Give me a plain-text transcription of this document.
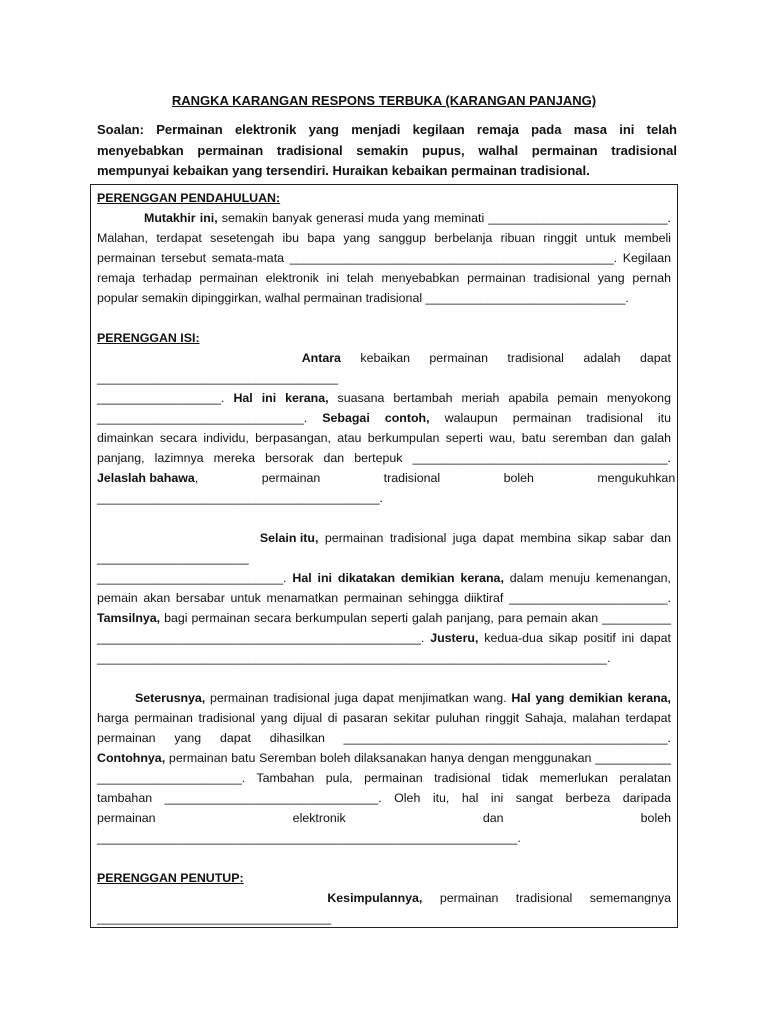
RANGKA KARANGAN RESPONS TERBUKA (KARANGAN PANJANG)
Soalan: Permainan elektronik yang menjadi kegilaan remaja pada masa ini telah menyebabkan permainan tradisional semakin pupus, walhal permainan tradisional mempunyai kebaikan yang tersendiri. Huraikan kebaikan permainan tradisional.
PERENGGAN PENDAHULUAN:
Mutakhir ini, semakin banyak generasi muda yang meminati __________________________.
Malahan, terdapat sesetengah ibu bapa yang sanggup berbelanja ribuan ringgit untuk membeli
permainan tersebut semata-mata _______________________________________________. Kegilaan
remaja terhadap permainan elektronik ini telah menyebabkan permainan tradisional yang pernah
popular semakin dipinggirkan, walhal permainan tradisional _____________________________.
PERENGGAN ISI:
Antara kebaikan permainan tradisional adalah dapat
___________________________________
__________________. Hal ini kerana, suasana bertambah meriah apabila pemain menyokong
______________________________. Sebagai contoh, walaupun permainan tradisional itu
dimainkan secara individu, berpasangan, atau berkumpulan seperti wau, batu seremban dan galah
panjang, lazimnya mereka bersorak dan bertepuk _____________________________________.
Jelaslah bahawa, permainan tradisional boleh mengukuhkan
_________________________________________.
Selain itu, permainan tradisional juga dapat membina sikap sabar dan
______________________
___________________________. Hal ini dikatakan demikian kerana, dalam menuju kemenangan,
pemain akan bersabar untuk menamatkan permainan sehingga diiktiraf _______________________.
Tamsilnya, bagi permainan secara berkumpulan seperti galah panjang, para pemain akan __________
_______________________________________________. Justeru, kedua-dua sikap positif ini dapat
__________________________________________________________________________.
Seterusnya, permainan tradisional juga dapat menjimatkan wang. Hal yang demikian kerana,
harga permainan tradisional yang dijual di pasaran sekitar puluhan ringgit Sahaja, malahan terdapat
permainan yang dapat dihasilkan _______________________________________________.
Contohnya, permainan batu Seremban boleh dilaksanakan hanya dengan menggunakan ___________
_____________________. Tambahan pula, permainan tradisional tidak memerlukan peralatan
tambahan _______________________________. Oleh itu, hal ini sangat berbeza daripada
permainan elektronik dan boleh
_____________________________________________________________.
PERENGGAN PENUTUP:
Kesimpulannya, permainan tradisional sememangnya
__________________________________
